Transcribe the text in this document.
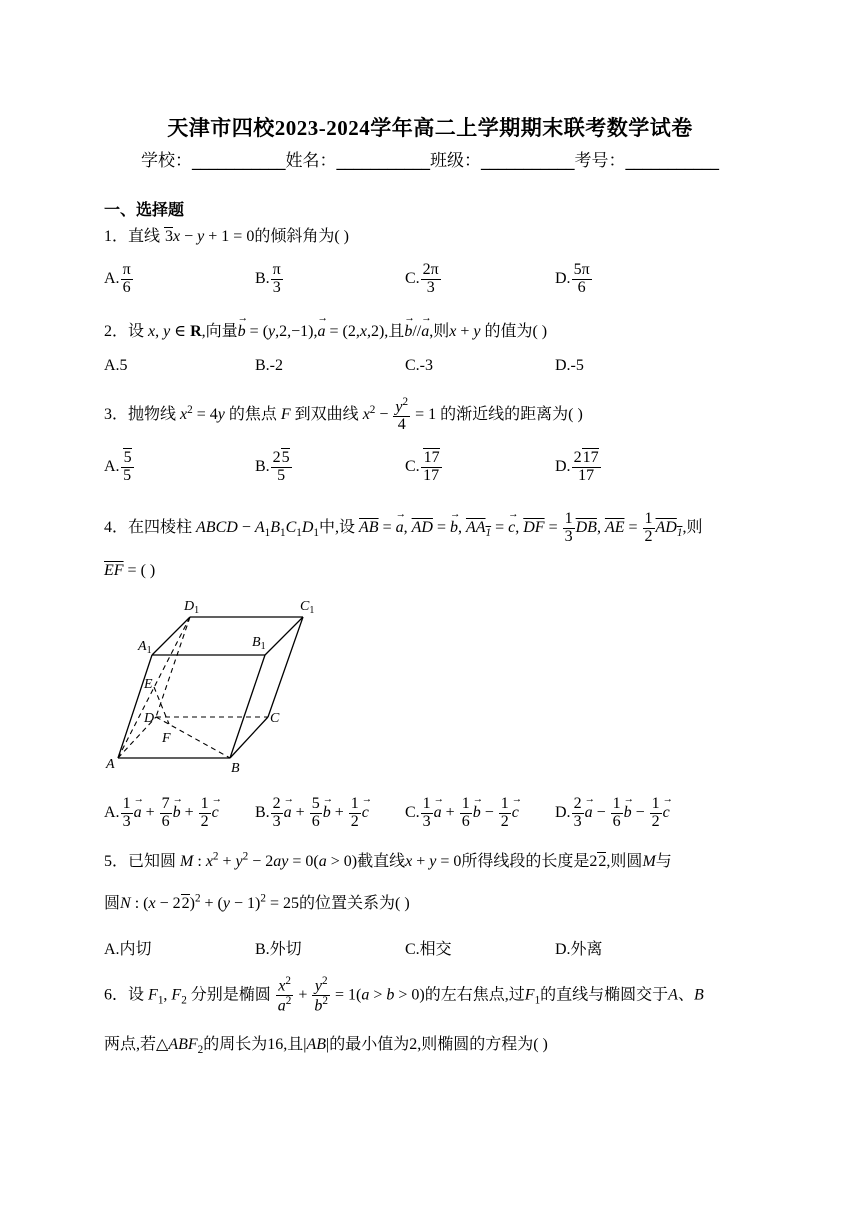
天津市四校2023-2024学年高二上学期期末联考数学试卷
学校：___________姓名：___________班级：___________考号：___________
一、选择题
1．直线 3x − y + 1 = 0的倾斜角为( )
A. $\frac{\pi}{6}$	B. $\frac{\pi}{3}$	C. $\frac{2\pi}{3}$	D. $\frac{5\pi}{6}$
2．设 x, y ∈ R,向量→ b = (y,2,−1),→ a = (2,x,2),且→ b//→ a,则x + y 的值为( )
A.5	B.-2	C.-3	D.-5
3．抛物线 $x^2 = 4y$ 的焦点 F 到双曲线 $x^2 - \frac{y^2}{4} = 1$ 的渐近线的距离为( )
A. $\frac{5}{5}$	B. $\frac{25}{5}$	C. $\frac{17}{17}$	D. $\frac{217}{17}$
4．在四棱柱 ABCD − $A_1B_1C_1D_1$中,设 $\overline{AB}$ = → a, $\overline{AD}$ = → b, $AA_1$ = → c, $\overline{DF} = \frac{1}{3} \overline{DB}$, $\overline{AE} = \frac{1}{2} AD_1$,则
$\overline{EF}$ = ( )
$D_1$	$C_1$
$A_1$
$B_1$
E
D	C
F
A	B
A. $\frac{1}{3} \to a + \frac{7}{6} \to b + \frac{1}{2} \to c$ B. $\frac{2}{3} \to a + \frac{5}{6} \to b + \frac{1}{2} \to c$ C. $\frac{1}{3} \to a + \frac{1}{6} \to b - \frac{1}{2} \to c$ D. $\frac{2}{3} \to a - \frac{1}{6} \to b - \frac{1}{2} \to c$
5．已知圆 M : $x^2 + y^2 - 2ay = 0(a > 0)$截直线x + y = 0所得线段的长度是22,则圆M与
圆N : $(x - 22)^2 + (y - 1)^2 = 25$的位置关系为( )
A.内切	B.外切	C.相交	D.外离
6．设 $F_1$, $F_2$ 分别是椭圆 $\frac{x^2}{a^2} + \frac{y^2}{b^2} = 1(a > b > 0)$的左右焦点,过$F_1$的直线与椭圆交于A、B
两点,若$\triangle ABF_2$的周长为16,且|AB|的最小值为2,则椭圆的方程为( )
